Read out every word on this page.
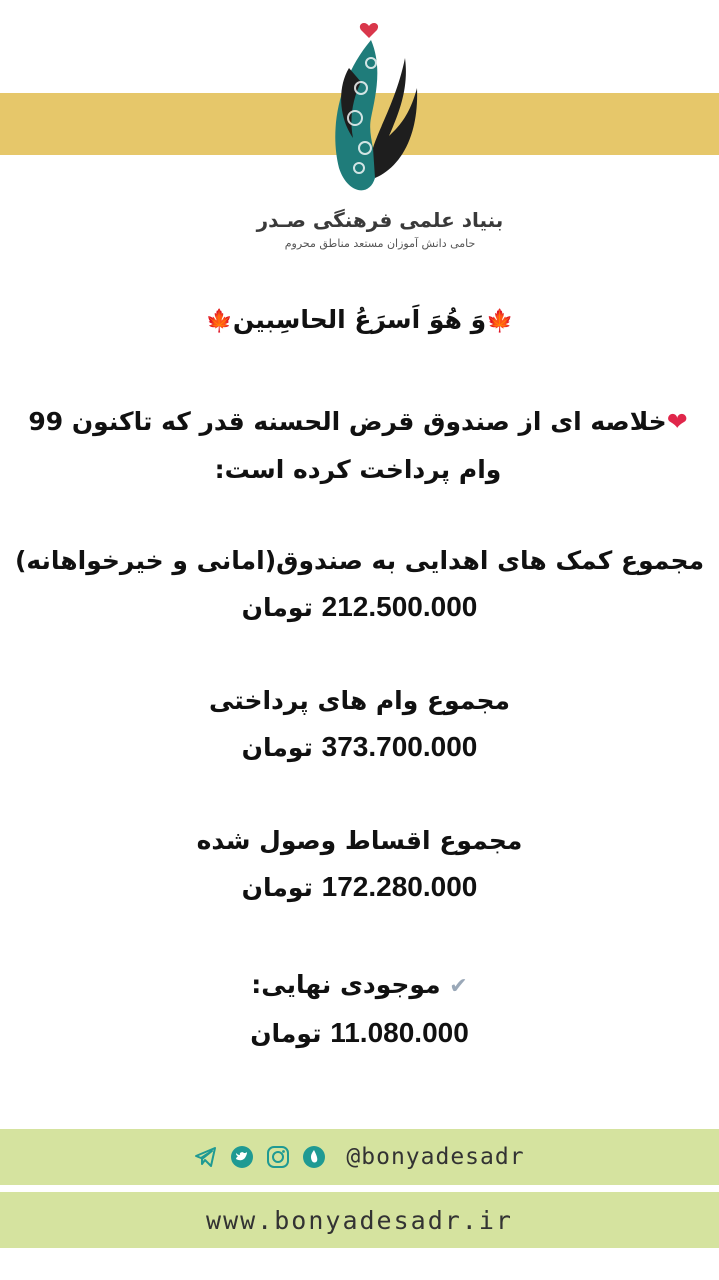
بنیاد علمی فرهنگی صـدر
حامی دانش آموزان مستعد مناطق محروم
🍁وَ هُوَ اَسرَعُ الحاسِبین🍁
❤خلاصه ای از صندوق قرض الحسنه قدر که تاکنون 99 وام پرداخت کرده است:
مجموع کمک های اهدایی به صندوق(امانی و خیرخواهانه)
212.500.000 تومان
مجموع وام های پرداختی
373.700.000 تومان
مجموع اقساط وصول شده
172.280.000 تومان
✔ موجودی نهایی:
11.080.000 تومان
@bonyadesadr
www.bonyadesadr.ir
